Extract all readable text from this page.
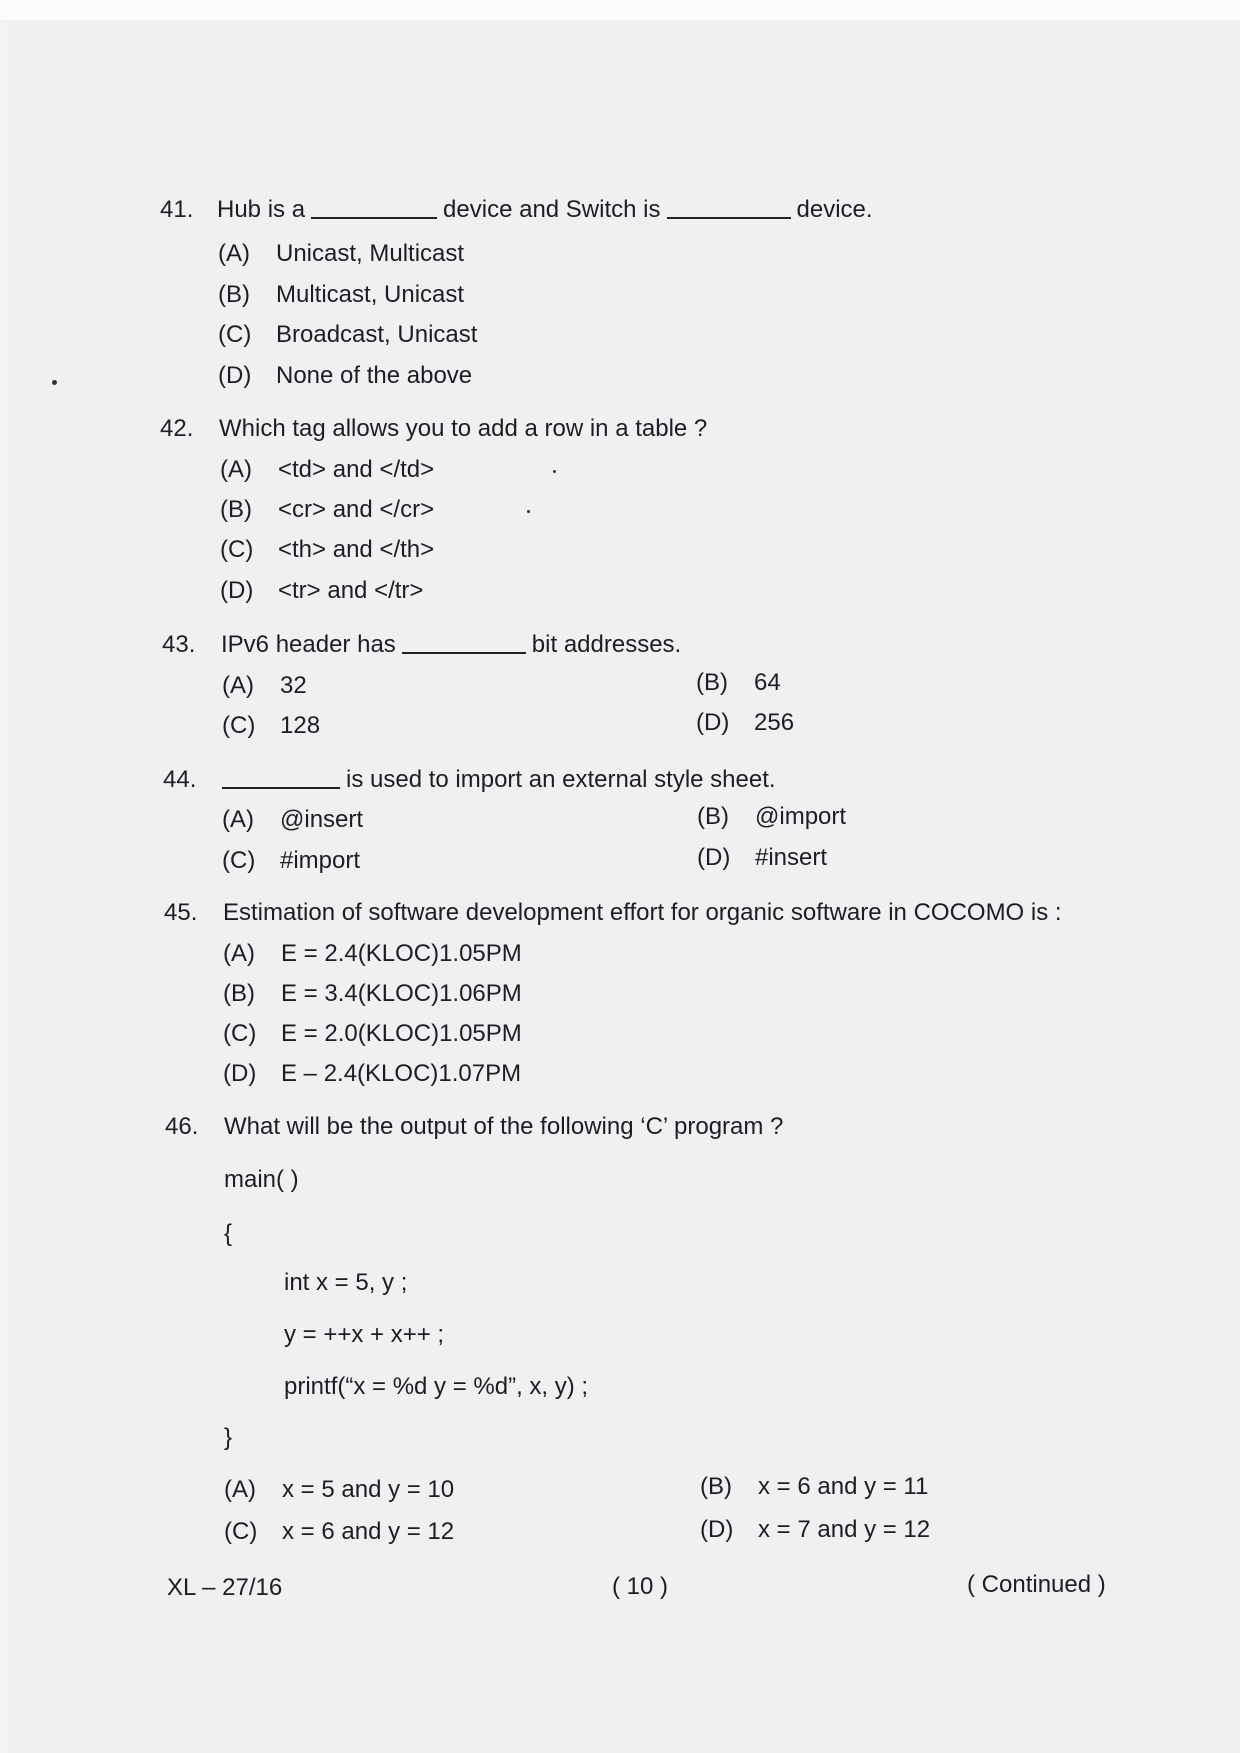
41. Hub is a	device and Switch is	device.
(A) Unicast, Multicast
(B) Multicast, Unicast
(C) Broadcast, Unicast
(D) None of the above
42. Which tag allows you to add a row in a table ?
(A) <td> and </td>
(B) <cr> and </cr>
(C) <th> and </th>
(D) <tr> and </tr>
43. IPv6 header has	bit addresses.
(A) 32	(B) 64
(C) 128	(D) 256
44.	is used to import an external style sheet.
(A) @insert	(B) @import
(C) #import	(D) #insert
45. Estimation of software development effort for organic software in COCOMO is :
(A) E = 2.4(KLOC)1.05PM
(B) E = 3.4(KLOC)1.06PM
(C) E = 2.0(KLOC)1.05PM
(D) E – 2.4(KLOC)1.07PM
46. What will be the output of the following ‘C’ program ?
main( )
{
int x = 5, y ;
y = ++x + x++ ;
printf(“x = %d y = %d”, x, y) ;
}
(A) x = 5 and y = 10	(B) x = 6 and y = 11
(C) x = 6 and y = 12	(D) x = 7 and y = 12
XL – 27/16	( 10 )	( Continued )
